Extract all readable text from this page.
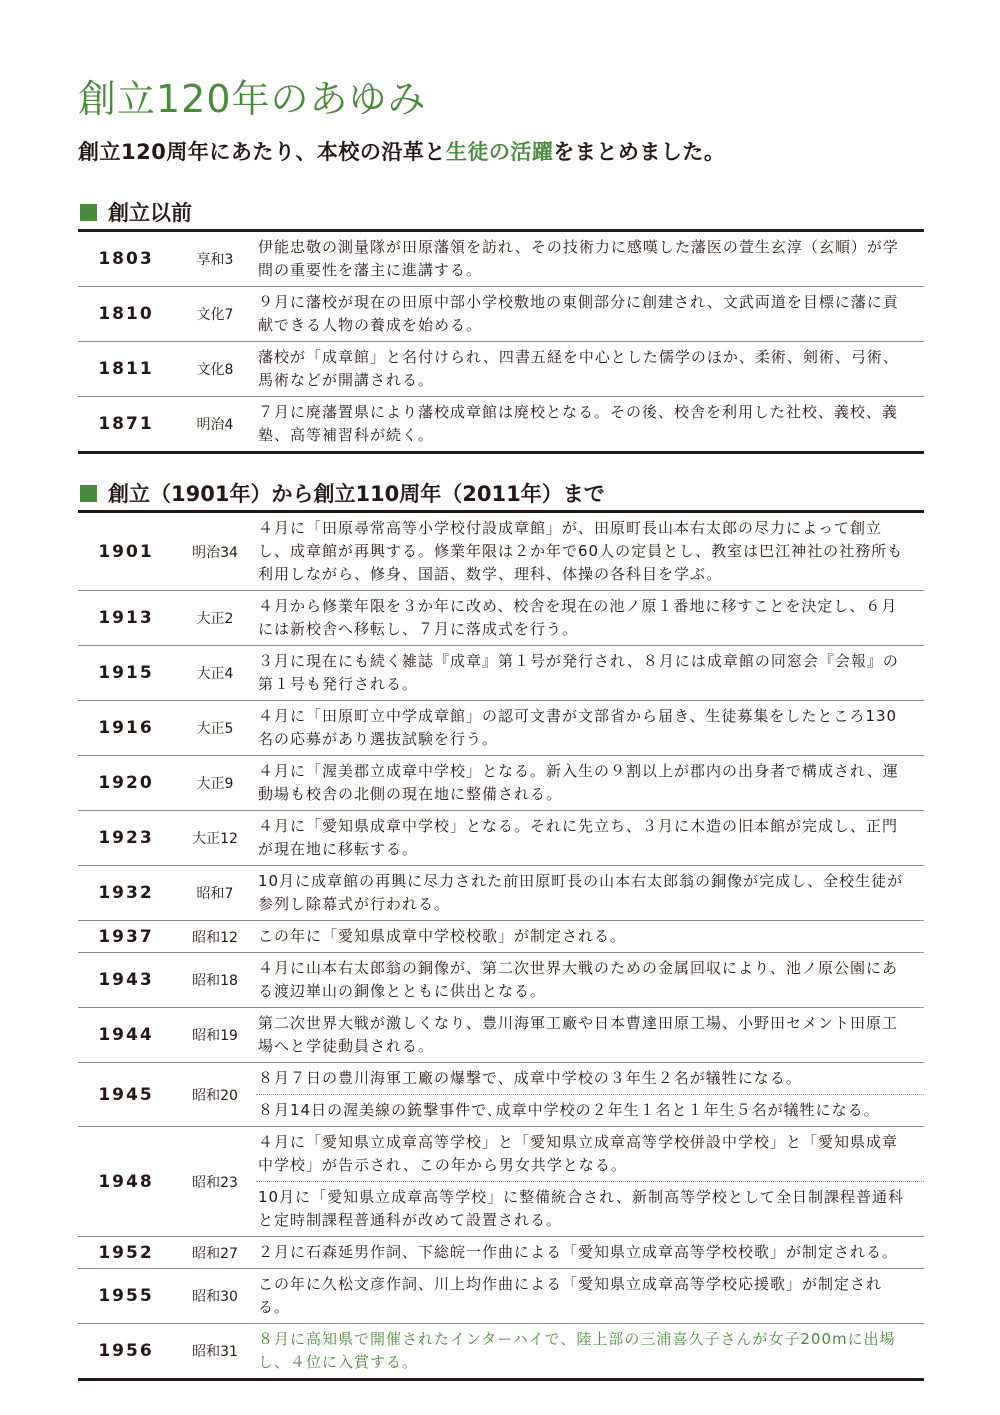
創立120年のあゆみ

創立120周年にあたり、本校の沿革と生徒の活躍をまとめました。

創立以前
1803	享和3	伊能忠敬の測量隊が田原藩領を訪れ、その技術力に感嘆した藩医の萱生玄淳（玄順）が学問の重要性を藩主に進講する。
1810	文化7	９月に藩校が現在の田原中部小学校敷地の東側部分に創建され、文武両道を目標に藩に貢献できる人物の養成を始める。
1811	文化8	藩校が「成章館」と名付けられ、四書五経を中心とした儒学のほか、柔術、剣術、弓術、馬術などが開講される。
1871	明治4	７月に廃藩置県により藩校成章館は廃校となる。その後、校舎を利用した社校、義校、義塾、高等補習科が続く。
創立（1901年）から創立110周年（2011年）まで
1901	明治34	４月に「田原尋常高等小学校付設成章館」が、田原町長山本右太郎の尽力によって創立し、成章館が再興する。修業年限は２か年で60人の定員とし、教室は巴江神社の社務所も利用しながら、修身、国語、数学、理科、体操の各科目を学ぶ。
1913	大正2	４月から修業年限を３か年に改め、校舎を現在の池ノ原１番地に移すことを決定し、６月には新校舎へ移転し、７月に落成式を行う。
1915	大正4	３月に現在にも続く雑誌『成章』第１号が発行され、８月には成章館の同窓会『会報』の第１号も発行される。
1916	大正5	４月に「田原町立中学成章館」の認可文書が文部省から届き、生徒募集をしたところ130名の応募があり選抜試験を行う。
1920	大正9	４月に「渥美郡立成章中学校」となる。新入生の９割以上が郡内の出身者で構成され、運動場も校舎の北側の現在地に整備される。
1923	大正12	４月に「愛知県成章中学校」となる。それに先立ち、３月に木造の旧本館が完成し、正門が現在地に移転する。
1932	昭和7	10月に成章館の再興に尽力された前田原町長の山本右太郎翁の銅像が完成し、全校生徒が参列し除幕式が行われる。
1937	昭和12	この年に「愛知県成章中学校校歌」が制定される。
1943	昭和18	４月に山本右太郎翁の銅像が、第二次世界大戦のための金属回収により、池ノ原公園にある渡辺崋山の銅像とともに供出となる。
1944	昭和19	第二次世界大戦が激しくなり、豊川海軍工廠や日本曹達田原工場、小野田セメント田原工場へと学徒動員される。
1945	昭和20	８月７日の豊川海軍工廠の爆撃で、成章中学校の３年生２名が犠牲になる。
		８月14日の渥美線の銃撃事件で､成章中学校の２年生１名と１年生５名が犠牲になる。
1948	昭和23	４月に「愛知県立成章高等学校」と「愛知県立成章高等学校併設中学校」と「愛知県成章中学校」が告示され、この年から男女共学となる。
		10月に「愛知県立成章高等学校」に整備統合され、新制高等学校として全日制課程普通科と定時制課程普通科が改めて設置される。
1952	昭和27	２月に石森延男作詞、下総皖一作曲による「愛知県立成章高等学校校歌」が制定される。
1955	昭和30	この年に久松文彦作詞、川上均作曲による「愛知県立成章高等学校応援歌」が制定される。
1956	昭和31	８月に高知県で開催されたインターハイで、陸上部の三浦喜久子さんが女子200mに出場し、４位に入賞する。
